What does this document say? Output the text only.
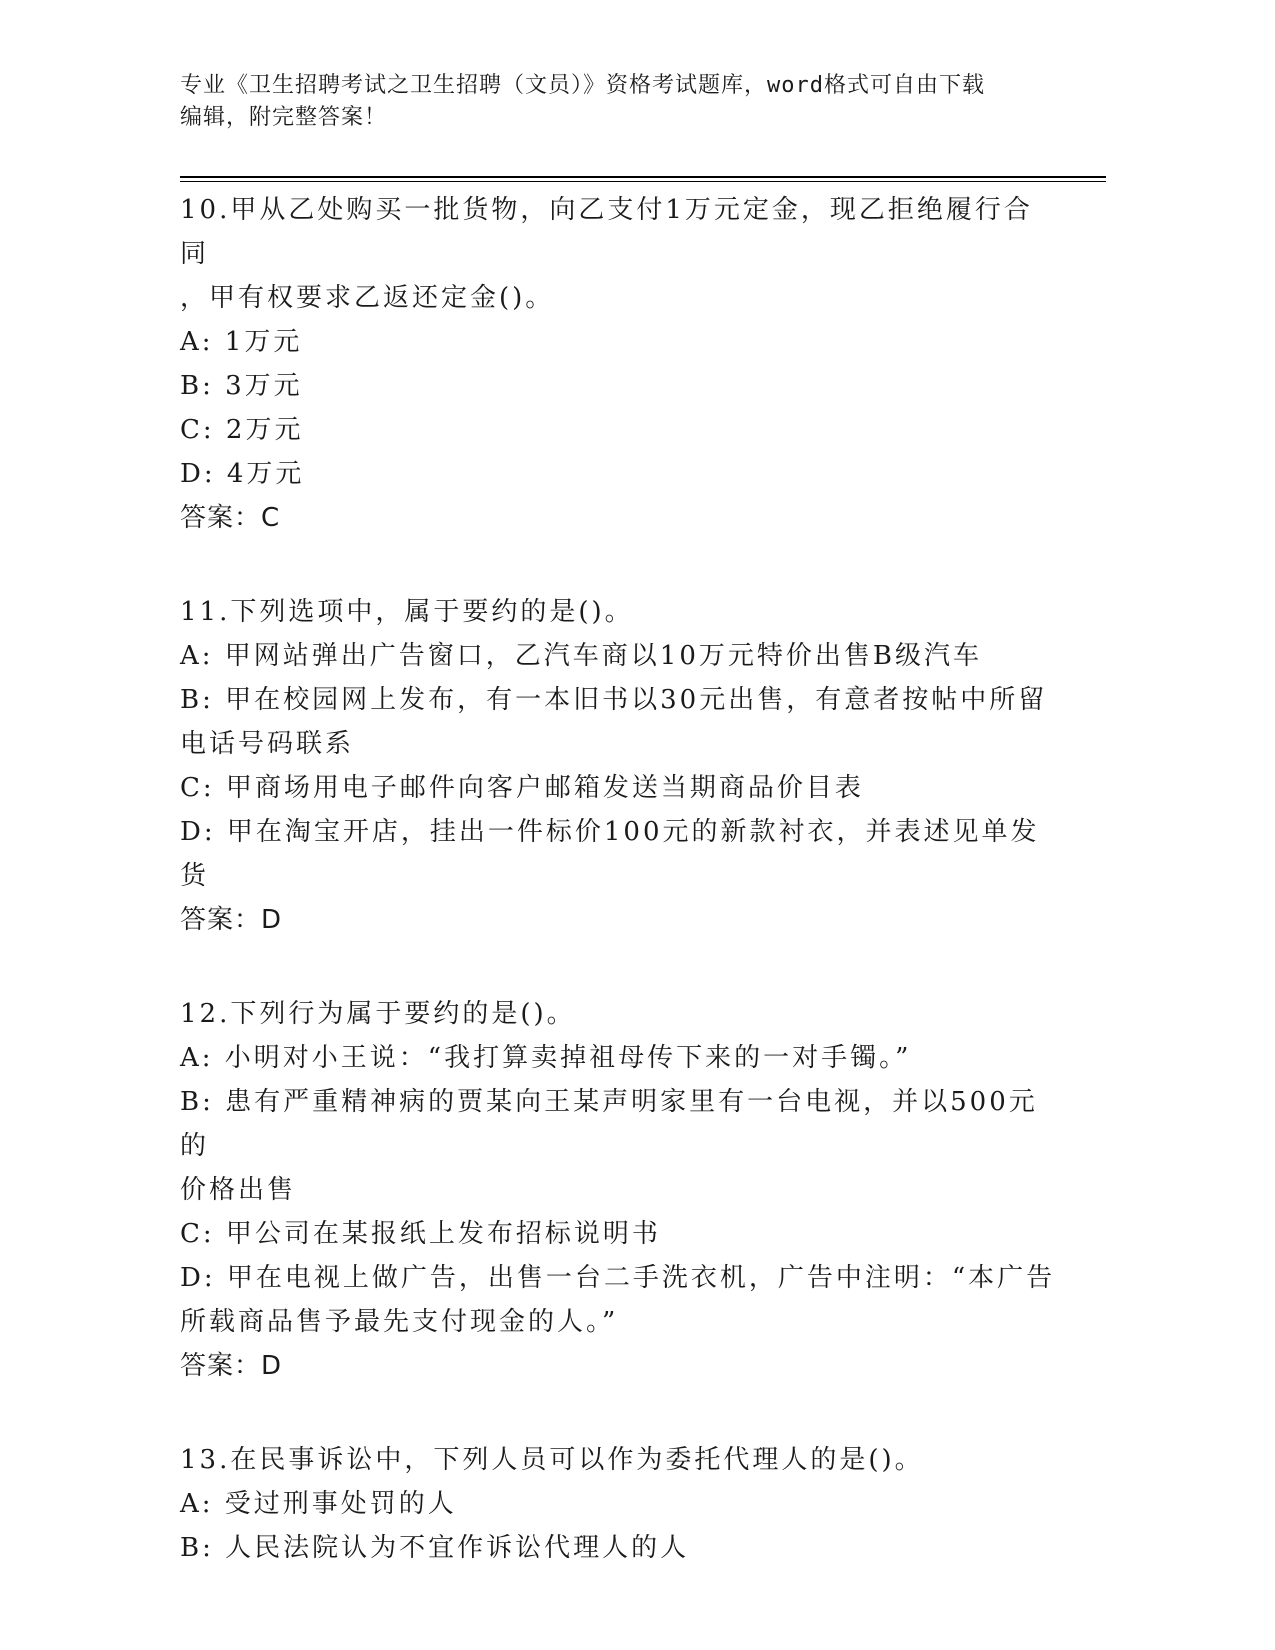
专业《卫生招聘考试之卫生招聘（文员）》资格考试题库，word格式可自由下载
编辑，附完整答案！
10.甲从乙处购买一批货物，向乙支付1万元定金，现乙拒绝履行合同
，甲有权要求乙返还定金()。
A: 1万元
B: 3万元
C: 2万元
D: 4万元
答案：C
11.下列选项中，属于要约的是()。
A: 甲网站弹出广告窗口，乙汽车商以10万元特价出售B级汽车
B: 甲在校园网上发布，有一本旧书以30元出售，有意者按帖中所留
电话号码联系
C: 甲商场用电子邮件向客户邮箱发送当期商品价目表
D: 甲在淘宝开店，挂出一件标价100元的新款衬衣，并表述见单发货
答案：D
12.下列行为属于要约的是()。
A: 小明对小王说：“我打算卖掉祖母传下来的一对手镯。”
B: 患有严重精神病的贾某向王某声明家里有一台电视，并以500元的
价格出售
C: 甲公司在某报纸上发布招标说明书
D: 甲在电视上做广告，出售一台二手洗衣机，广告中注明：“本广告
所载商品售予最先支付现金的人。”
答案：D
13.在民事诉讼中，下列人员可以作为委托代理人的是()。
A: 受过刑事处罚的人
B: 人民法院认为不宜作诉讼代理人的人
